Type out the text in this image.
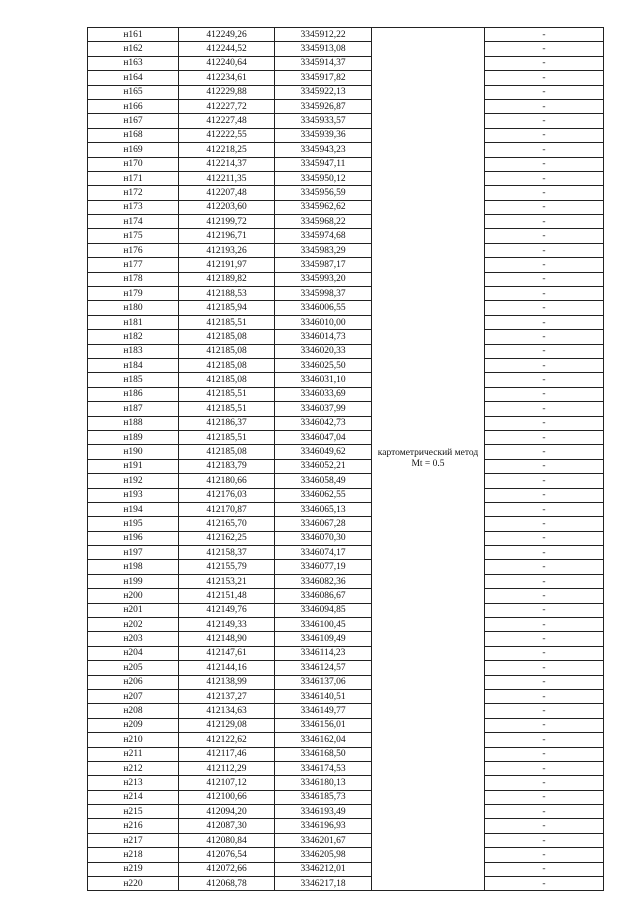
н161	412249,26	3345912,22	картометрический метод Mt = 0.5	-
н162	412244,52	3345913,08		-
н163	412240,64	3345914,37		-
н164	412234,61	3345917,82		-
н165	412229,88	3345922,13		-
н166	412227,72	3345926,87		-
н167	412227,48	3345933,57		-
н168	412222,55	3345939,36		-
н169	412218,25	3345943,23		-
н170	412214,37	3345947,11		-
н171	412211,35	3345950,12		-
н172	412207,48	3345956,59		-
н173	412203,60	3345962,62		-
н174	412199,72	3345968,22		-
н175	412196,71	3345974,68		-
н176	412193,26	3345983,29		-
н177	412191,97	3345987,17		-
н178	412189,82	3345993,20		-
н179	412188,53	3345998,37		-
н180	412185,94	3346006,55		-
н181	412185,51	3346010,00		-
н182	412185,08	3346014,73		-
н183	412185,08	3346020,33		-
н184	412185,08	3346025,50		-
н185	412185,08	3346031,10		-
н186	412185,51	3346033,69		-
н187	412185,51	3346037,99		-
н188	412186,37	3346042,73		-
н189	412185,51	3346047,04		-
н190	412185,08	3346049,62		-
н191	412183,79	3346052,21		-
н192	412180,66	3346058,49		-
н193	412176,03	3346062,55		-
н194	412170,87	3346065,13		-
н195	412165,70	3346067,28		-
н196	412162,25	3346070,30		-
н197	412158,37	3346074,17		-
н198	412155,79	3346077,19		-
н199	412153,21	3346082,36		-
н200	412151,48	3346086,67		-
н201	412149,76	3346094,85		-
н202	412149,33	3346100,45		-
н203	412148,90	3346109,49		-
н204	412147,61	3346114,23		-
н205	412144,16	3346124,57		-
н206	412138,99	3346137,06		-
н207	412137,27	3346140,51		-
н208	412134,63	3346149,77		-
н209	412129,08	3346156,01		-
н210	412122,62	3346162,04		-
н211	412117,46	3346168,50		-
н212	412112,29	3346174,53		-
н213	412107,12	3346180,13		-
н214	412100,66	3346185,73		-
н215	412094,20	3346193,49		-
н216	412087,30	3346196,93		-
н217	412080,84	3346201,67		-
н218	412076,54	3346205,98		-
н219	412072,66	3346212,01		-
н220	412068,78	3346217,18		-
